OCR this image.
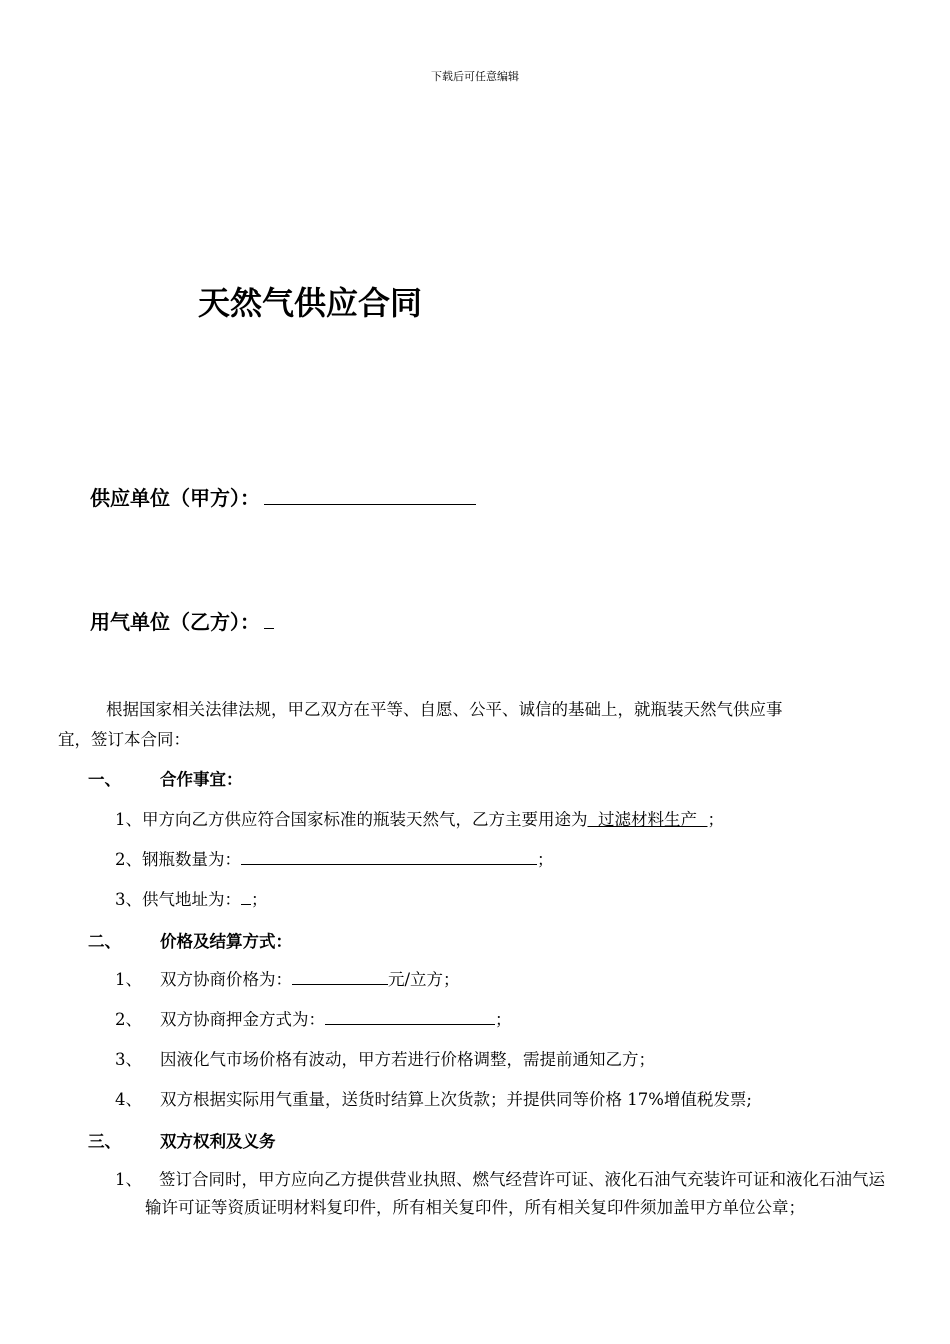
下载后可任意编辑
天然气供应合同
供应单位（甲方）：
用气单位（乙方）：
根据国家相关法律法规，甲乙双方在平等、自愿、公平、诚信的基础上，就瓶装天然气供应事
宜，签订本合同：
一、 合作事宜：
1、甲方向乙方供应符合国家标准的瓶装天然气，乙方主要用途为  过滤材料生产  ；
2、钢瓶数量为：	；
3、供气地址为： ；
二、 价格及结算方式：
1、 双方协商价格为：	元/立方；
2、 双方协商押金方式为：	；
3、 因液化气市场价格有波动，甲方若进行价格调整，需提前通知乙方；
4、 双方根据实际用气重量，送货时结算上次货款；并提供同等价格 17%增值税发票;
三、 双方权利及义务
1、	签订合同时，甲方应向乙方提供营业执照、燃气经营许可证、液化石油气充装许可证和液化石油气运输许可证等资质证明材料复印件，所有相关复印件，所有相关复印件须加盖甲方单位公章；
